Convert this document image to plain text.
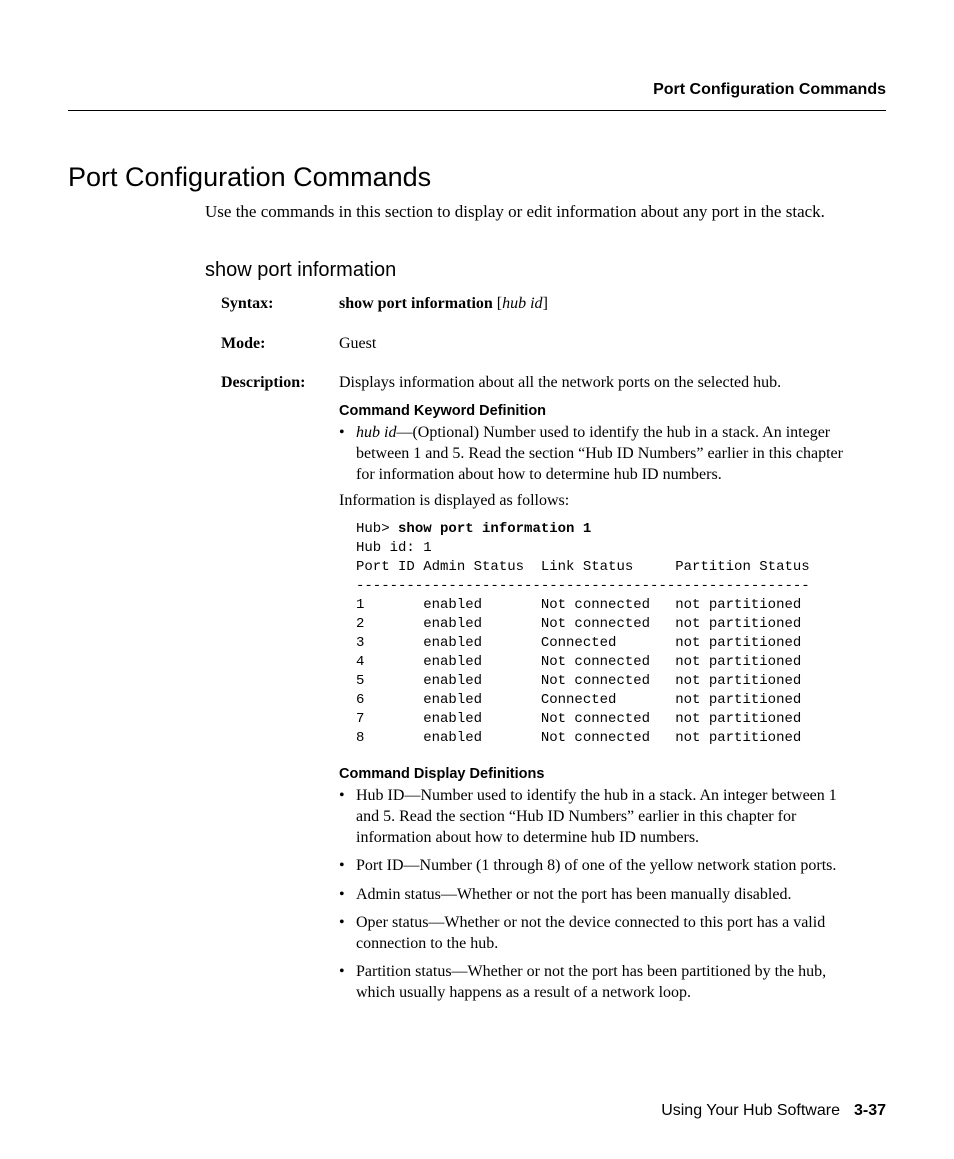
Port Configuration Commands
Port Configuration Commands
Use the commands in this section to display or edit information about any port in the stack.
show port information
Syntax:	show port information [hub id]
Mode:	Guest
Description: Displays information about all the network ports on the selected hub.
Command Keyword Definition
• hub id—(Optional) Number used to identify the hub in a stack. An integer
between 1 and 5. Read the section “Hub ID Numbers” earlier in this chapter
for information about how to determine hub ID numbers.
Information is displayed as follows:
Hub> show port information 1
Hub id: 1
Port ID Admin Status  Link Status     Partition Status
------------------------------------------------------
1       enabled       Not connected   not partitioned
2       enabled       Not connected   not partitioned
3       enabled       Connected       not partitioned
4       enabled       Not connected   not partitioned
5       enabled       Not connected   not partitioned
6       enabled       Connected       not partitioned
7       enabled       Not connected   not partitioned
8       enabled       Not connected   not partitioned
Command Display Definitions
• Hub ID—Number used to identify the hub in a stack. An integer between 1
and 5. Read the section “Hub ID Numbers” earlier in this chapter for
information about how to determine hub ID numbers.
• Port ID—Number (1 through 8) of one of the yellow network station ports.
• Admin status—Whether or not the port has been manually disabled.
• Oper status—Whether or not the device connected to this port has a valid
connection to the hub.
• Partition status—Whether or not the port has been partitioned by the hub,
which usually happens as a result of a network loop.
Using Your Hub Software 3-37
